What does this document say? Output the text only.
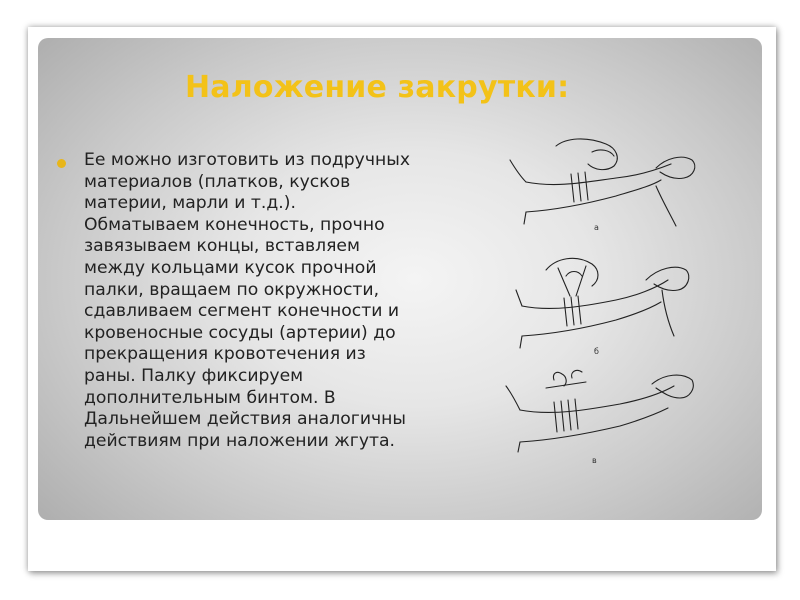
Наложение закрутки:

Ее можно изготовить из подручных
материалов (платков, кусков
материи, марли и т.д.).
Обматываем конечность, прочно
завязываем концы, вставляем
между кольцами кусок прочной
палки, вращаем по окружности,
сдавливаем сегмент конечности и
кровеносные сосуды (артерии) до
прекращения кровотечения из
раны. Палку фиксируем
дополнительным бинтом. В
Дальнейшем действия аналогичны
действиям при наложении жгута.

а
б
в
